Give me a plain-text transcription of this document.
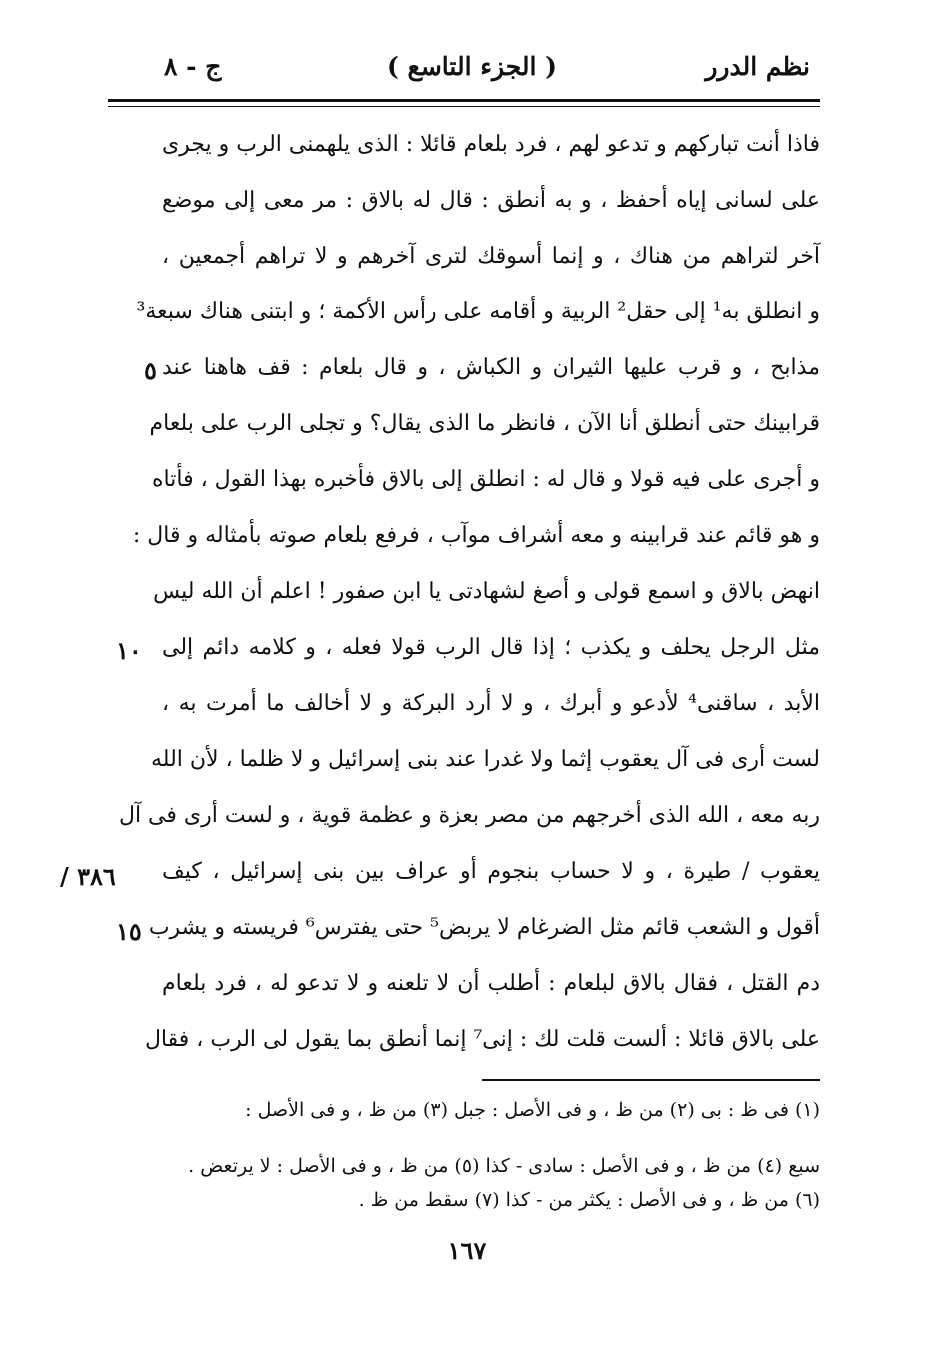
نظم الدرر
( الجزء التاسع )
ج - ٨
فاذا أنت تباركهم و تدعو لهم ، فرد بلعام قائلا : الذى يلهمنى الرب و يجرى
على لسانى إياه أحفظ ، و به أنطق : قال له بالاق : مر معى إلى موضع
آخر لتراهم من هناك ، و إنما أسوقك لترى آخرهم و لا تراهم أجمعين ،
و انطلق به¹ إلى حقل² الربية و أقامه على رأس الأكمة ؛ و ابتنى هناك سبعة³
مذابح ، و قرب عليها الثيران و الكباش ، و قال بلعام : قف هاهنا عند
قرابينك حتى أنطلق أنا الآن ، فانظر ما الذى يقال؟ و تجلى الرب على بلعام
و أجرى على فيه قولا و قال له : انطلق إلى بالاق فأخبره بهذا القول ، فأتاه
و هو قائم عند قرابينه و معه أشراف موآب ، فرفع بلعام صوته بأمثاله و قال :
انهض بالاق و اسمع قولى و أصغ لشهادتى يا ابن صفور ! اعلم أن الله ليس
مثل الرجل يحلف و يكذب ؛ إذا قال الرب قولا فعله ، و كلامه دائم إلى
الأبد ، ساقنى⁴ لأدعو و أبرك ، و لا أرد البركة و لا أخالف ما أمرت به ،
لست أرى فى آل يعقوب إثما ولا غدرا عند بنى إسرائيل و لا ظلما ، لأن الله
ربه معه ، الله الذى أخرجهم من مصر بعزة و عظمة قوية ، و لست أرى فى آل
يعقوب / طيرة ، و لا حساب بنجوم أو عراف بين بنى إسرائيل ، كيف
أقول و الشعب قائم مثل الضرغام لا يربض⁵ حتى يفترس⁶ فريسته و يشرب
دم القتل ، فقال بالاق لبلعام : أطلب أن لا تلعنه و لا تدعو له ، فرد بلعام
على بالاق قائلا : ألست قلت لك : إنى⁷ إنما أنطق بما يقول لى الرب ، فقال
٥
١٠
١٥
٣٨٦ /
(١) فى ظ : بى (٢) من ظ ، و فى الأصل : جبل (٣) من ظ ، و فى الأصل :
سبع (٤) من ظ ، و فى الأصل : سادى - كذا (٥) من ظ ، و فى الأصل : لا يرتعض .
(٦) من ظ ، و فى الأصل : يكثر من - كذا (٧) سقط من ظ .
١٦٧
